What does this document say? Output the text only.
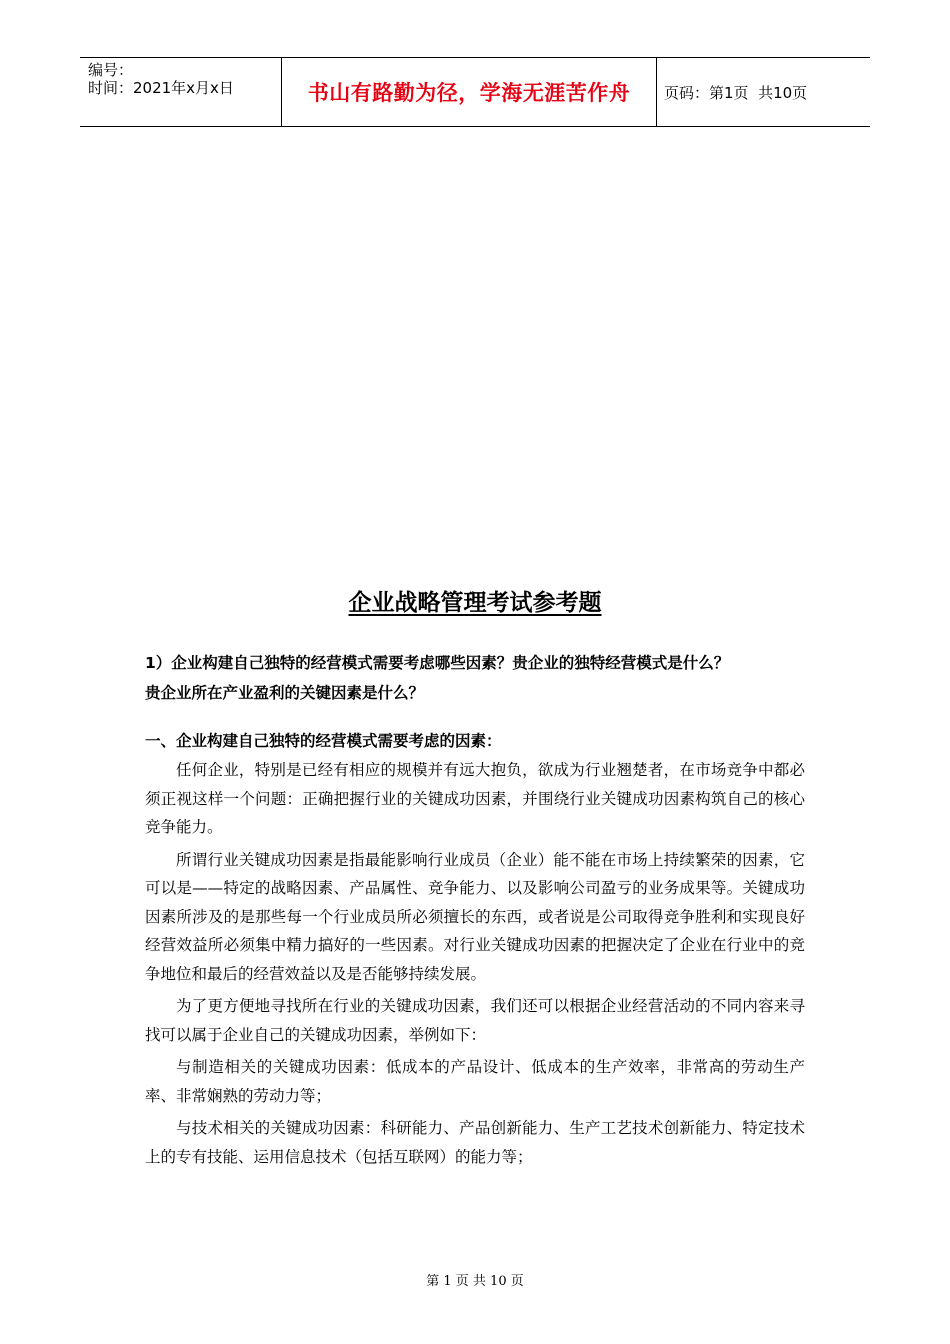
编号：
时间：2021年x月x日	书山有路勤为径，学海无涯苦作舟	页码：第1页  共10页
企业战略管理考试参考题

1）企业构建自己独特的经营模式需要考虑哪些因素？贵企业的独特经营模式是什么？

贵企业所在产业盈利的关键因素是什么？

一、企业构建自己独特的经营模式需要考虑的因素：

任何企业，特别是已经有相应的规模并有远大抱负，欲成为行业翘楚者，在市场竞争中都必须正视这样一个问题：正确把握行业的关键成功因素，并围绕行业关键成功因素构筑自己的核心竞争能力。

所谓行业关键成功因素是指最能影响行业成员（企业）能不能在市场上持续繁荣的因素，它可以是——特定的战略因素、产品属性、竞争能力、以及影响公司盈亏的业务成果等。关键成功因素所涉及的是那些每一个行业成员所必须擅长的东西，或者说是公司取得竞争胜利和实现良好经营效益所必须集中精力搞好的一些因素。对行业关键成功因素的把握决定了企业在行业中的竞争地位和最后的经营效益以及是否能够持续发展。

为了更方便地寻找所在行业的关键成功因素，我们还可以根据企业经营活动的不同内容来寻找可以属于企业自己的关键成功因素，举例如下：

与制造相关的关键成功因素：低成本的产品设计、低成本的生产效率，非常高的劳动生产率、非常娴熟的劳动力等；

与技术相关的关键成功因素：科研能力、产品创新能力、生产工艺技术创新能力、特定技术上的专有技能、运用信息技术（包括互联网）的能力等；

第 1 页 共 10 页
